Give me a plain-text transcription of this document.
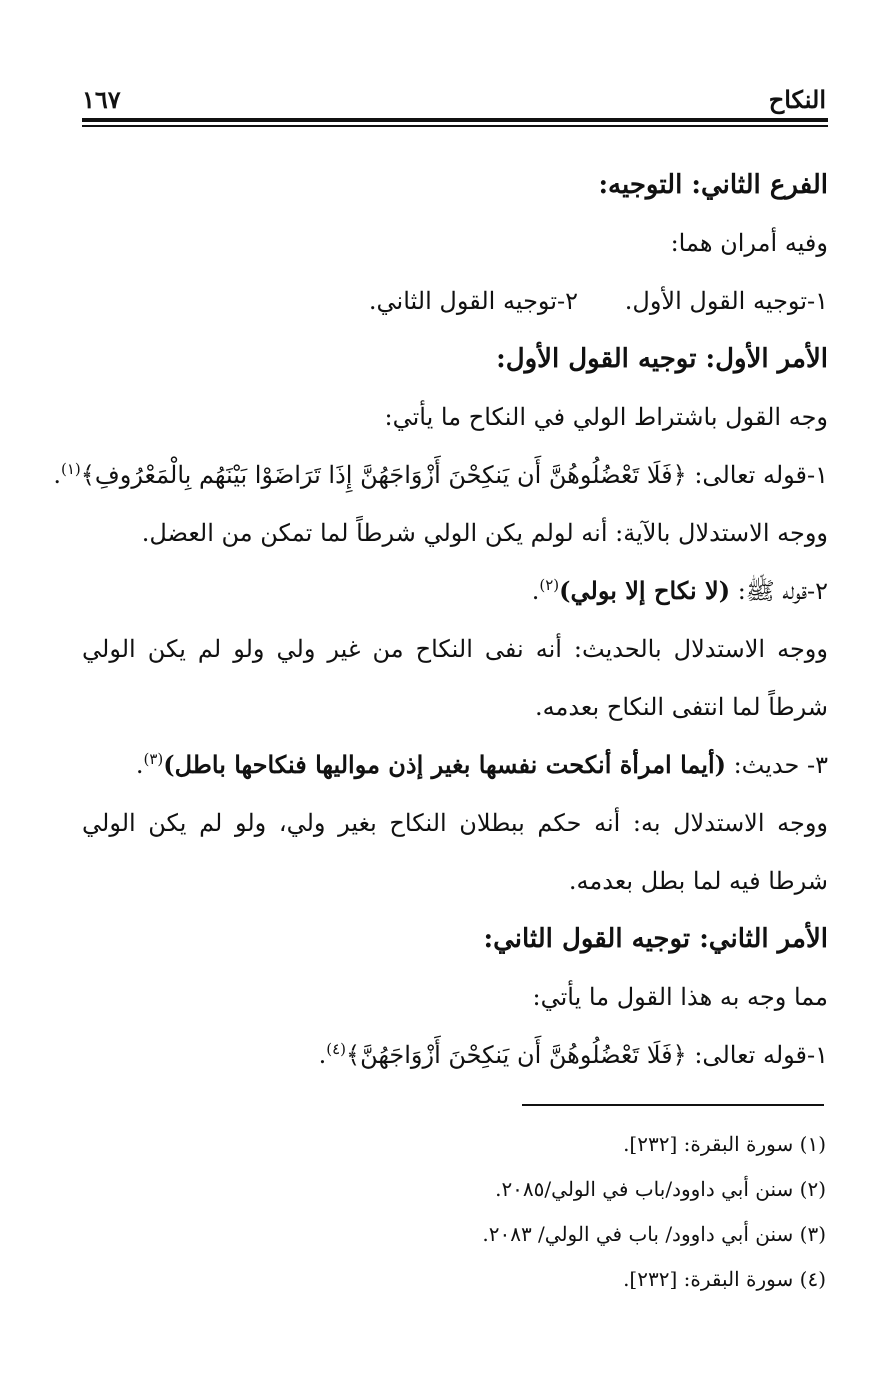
النكاح
١٦٧
الفرع الثاني: التوجيه:
وفيه أمران هما:
١-توجيه القول الأول.
٢-توجيه القول الثاني.
الأمر الأول: توجيه القول الأول:
وجه القول باشتراط الولي في النكاح ما يأتي:
١-قوله تعالى: ﴿فَلَا تَعْضُلُوهُنَّ أَن يَنكِحْنَ أَزْوَاجَهُنَّ إِذَا تَرَاضَوْا بَيْنَهُم بِالْمَعْرُوفِ﴾$^{(١)}$.
ووجه الاستدلال بالآية: أنه لولم يكن الولي شرطاً لما تمكن من العضل.
٢-قوله ﷺ: (لا نكاح إلا بولي)$^{(٢)}$.
ووجه الاستدلال بالحديث: أنه نفى النكاح من غير ولي ولو لم يكن الولي شرطاً لما انتفى النكاح بعدمه.
٣- حديث: (أيما امرأة أنكحت نفسها بغير إذن مواليها فنكاحها باطل)$^{(٣)}$.
ووجه الاستدلال به: أنه حكم ببطلان النكاح بغير ولي، ولو لم يكن الولي شرطا فيه لما بطل بعدمه.
الأمر الثاني: توجيه القول الثاني:
مما وجه به هذا القول ما يأتي:
١-قوله تعالى: ﴿فَلَا تَعْضُلُوهُنَّ أَن يَنكِحْنَ أَزْوَاجَهُنَّ﴾$^{(٤)}$.
(١) سورة البقرة: [٢٣٢].
(٢) سنن أبي داوود/باب في الولي/٢٠٨٥.
(٣) سنن أبي داوود/ باب في الولي/ ٢٠٨٣.
(٤) سورة البقرة: [٢٣٢].
